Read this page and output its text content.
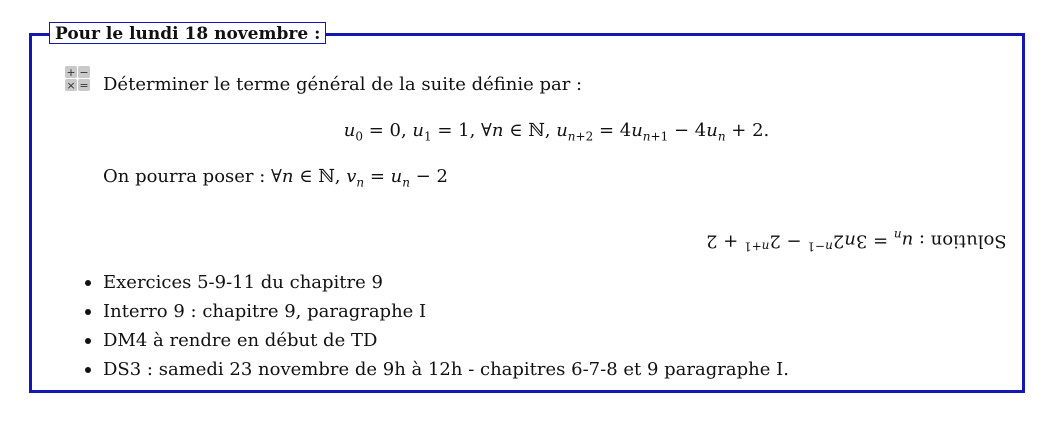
Pour le lundi 18 novembre :
+ −
× = Déterminer le terme général de la suite définie par :
$u_0 = 0$, $u_1 = 1$, ∀n ∈ ℕ, $u_{n+2} = 4u_{n+1} - 4u_n + 2$.
On pourra poser : ∀n ∈ ℕ, $v_n = u_n - 2$
Solution : $u_n = 3n2^{n-1} - 2^{n+1} + 2$
Exercices 5-9-11 du chapitre 9
Interro 9 : chapitre 9, paragraphe I
DM4 à rendre en début de TD
DS3 : samedi 23 novembre de 9h à 12h - chapitres 6-7-8 et 9 paragraphe I.
